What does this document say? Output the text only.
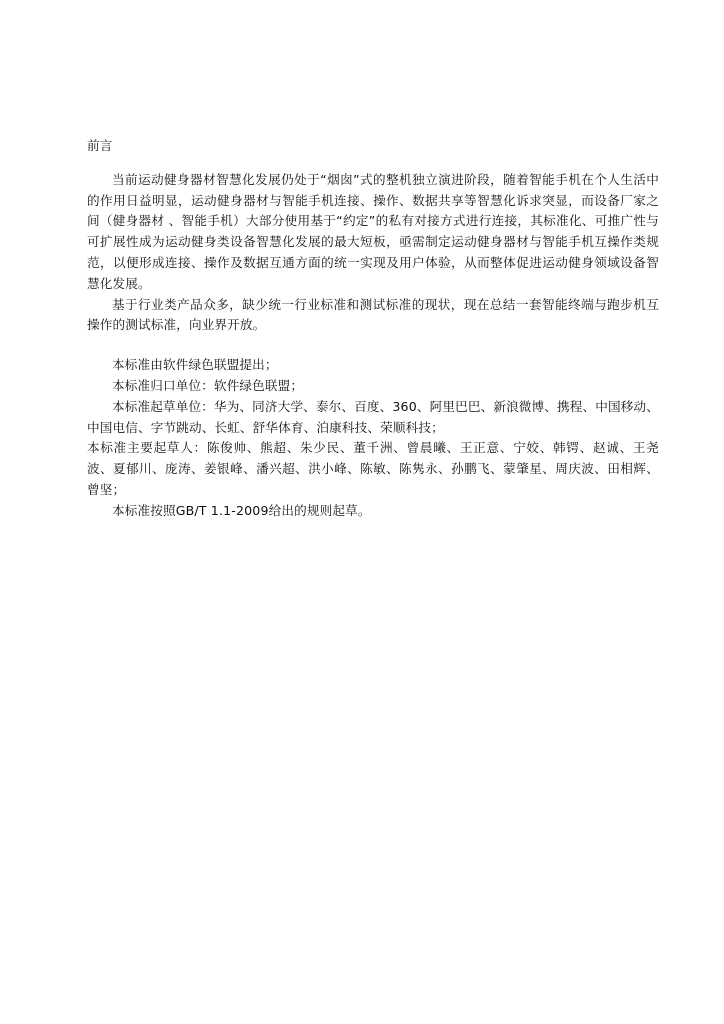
前言

当前运动健身器材智慧化发展仍处于“烟囱”式的整机独立演进阶段，随着智能手机在个人生活中的作用日益明显，运动健身器材与智能手机连接、操作、数据共享等智慧化诉求突显，而设备厂家之间（健身器材 、智能手机）大部分使用基于“约定”的私有对接方式进行连接，其标准化、可推广性与可扩展性成为运动健身类设备智慧化发展的最大短板，亟需制定运动健身器材与智能手机互操作类规范，以便形成连接、操作及数据互通方面的统一实现及用户体验，从而整体促进运动健身领域设备智慧化发展。

基于行业类产品众多，缺少统一行业标准和测试标准的现状，现在总结一套智能终端与跑步机互操作的测试标准，向业界开放。

本标准由软件绿色联盟提出；

本标准归口单位：软件绿色联盟；

本标准起草单位：华为、同济大学、泰尔、百度、360、阿里巴巴、新浪微博、携程、中国移动、中国电信、字节跳动、长虹、舒华体育、泊康科技、荣顺科技；

本标准主要起草人：陈俊帅、熊超、朱少民、董千洲、曾晨曦、王正意、宁姣、韩锷、赵诚、王尧波、夏郁川、庞涛、姜银峰、潘兴超、洪小峰、陈敏、陈隽永、孙鹏飞、蒙肇星、周庆波、田相辉、曾坚；

本标准按照GB/T 1.1-2009给出的规则起草。
